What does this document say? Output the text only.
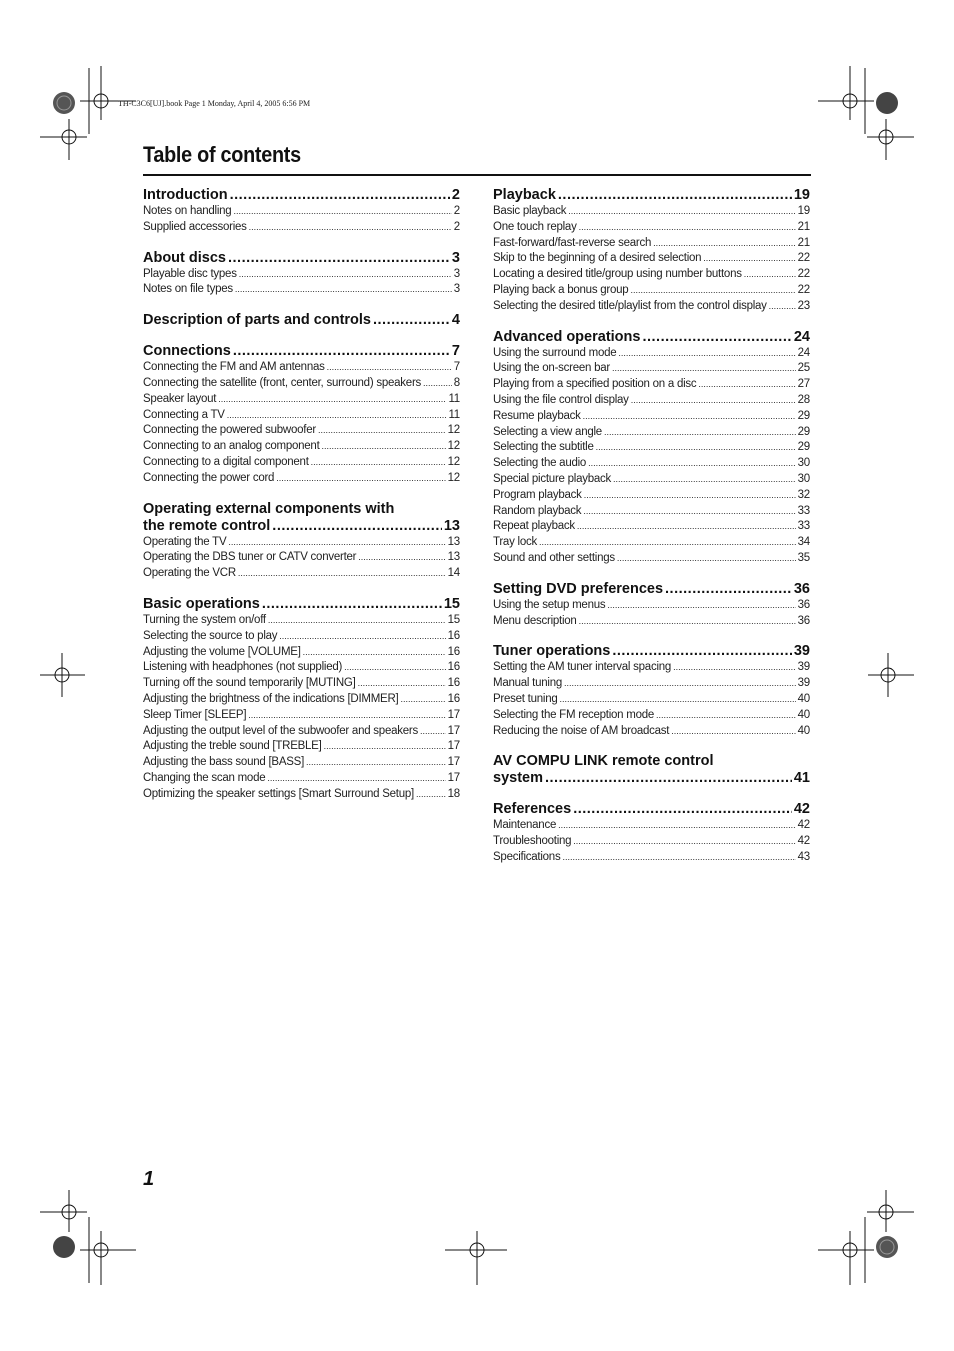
TH-C3C6[UJ].book Page 1 Monday, April 4, 2005 6:56 PM
Table of contents
Introduction .....	2
Notes on handling .....	2
Supplied accessories .....	2
About discs .....	3
Playable disc types .....	3
Notes on file types .....	3
Description of parts and controls .....	4
Connections .....	7
Connecting the FM and AM antennas .....	7
Connecting the satellite (front, center, surround) speakers .....	8
Speaker layout .....	11
Connecting a TV .....	11
Connecting the powered subwoofer .....	12
Connecting to an analog component .....	12
Connecting to a digital component .....	12
Connecting the power cord .....	12
Operating external components with
the remote control .....	13
Operating the TV .....	13
Operating the DBS tuner or CATV converter .....	13
Operating the VCR .....	14
Basic operations .....	15
Turning the system on/off .....	15
Selecting the source to play .....	16
Adjusting the volume [VOLUME] .....	16
Listening with headphones (not supplied) .....	16
Turning off the sound temporarily [MUTING] .....	16
Adjusting the brightness of the indications [DIMMER] .....	16
Sleep Timer [SLEEP] .....	17
Adjusting the output level of the subwoofer and speakers .....	17
Adjusting the treble sound [TREBLE] .....	17
Adjusting the bass sound [BASS] .....	17
Changing the scan mode .....	17
Optimizing the speaker settings [Smart Surround Setup] .....	18
Playback .....	19
Basic playback .....	19
One touch replay .....	21
Fast-forward/fast-reverse search .....	21
Skip to the beginning of a desired selection .....	22
Locating a desired title/group using number buttons .....	22
Playing back a bonus group .....	22
Selecting the desired title/playlist from the control display .....	23
Advanced operations .....	24
Using the surround mode .....	24
Using the on-screen bar .....	25
Playing from a specified position on a disc .....	27
Using the file control display .....	28
Resume playback .....	29
Selecting a view angle .....	29
Selecting the subtitle .....	29
Selecting the audio .....	30
Special picture playback .....	30
Program playback .....	32
Random playback .....	33
Repeat playback .....	33
Tray lock .....	34
Sound and other settings .....	35
Setting DVD preferences .....	36
Using the setup menus .....	36
Menu description .....	36
Tuner operations .....	39
Setting the AM tuner interval spacing .....	39
Manual tuning .....	39
Preset tuning .....	40
Selecting the FM reception mode .....	40
Reducing the noise of AM broadcast .....	40
AV COMPU LINK remote control
system .....	41
References .....	42
Maintenance .....	42
Troubleshooting .....	42
Specifications .....	43
1
